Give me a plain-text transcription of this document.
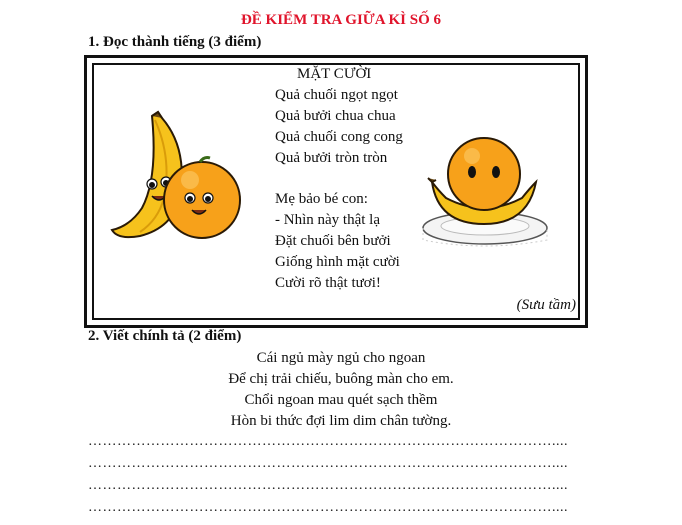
ĐỀ KIỂM TRA GIỮA KÌ SỐ 6
1. Đọc thành tiếng (3 điểm)
MẶT CƯỜI
Quả chuối ngọt ngọt
Quả bưởi chua chua
Quả chuối cong cong
Quả bưởi tròn tròn
Mẹ bảo bé con:
- Nhìn này thật lạ
Đặt chuối bên bưởi
Giống hình mặt cười
Cười rõ thật tươi!
(Sưu tầm)
2. Viết chính tả (2 điểm)
Cái ngủ mày ngủ cho ngoan
Để chị trải chiếu, buông màn cho em.
Chổi ngoan mau quét sạch thềm
Hòn bi thức đợi lim dim chân tường.
……………………………………………………………………………………....
……………………………………………………………………………………....
……………………………………………………………………………………....
……………………………………………………………………………………....
